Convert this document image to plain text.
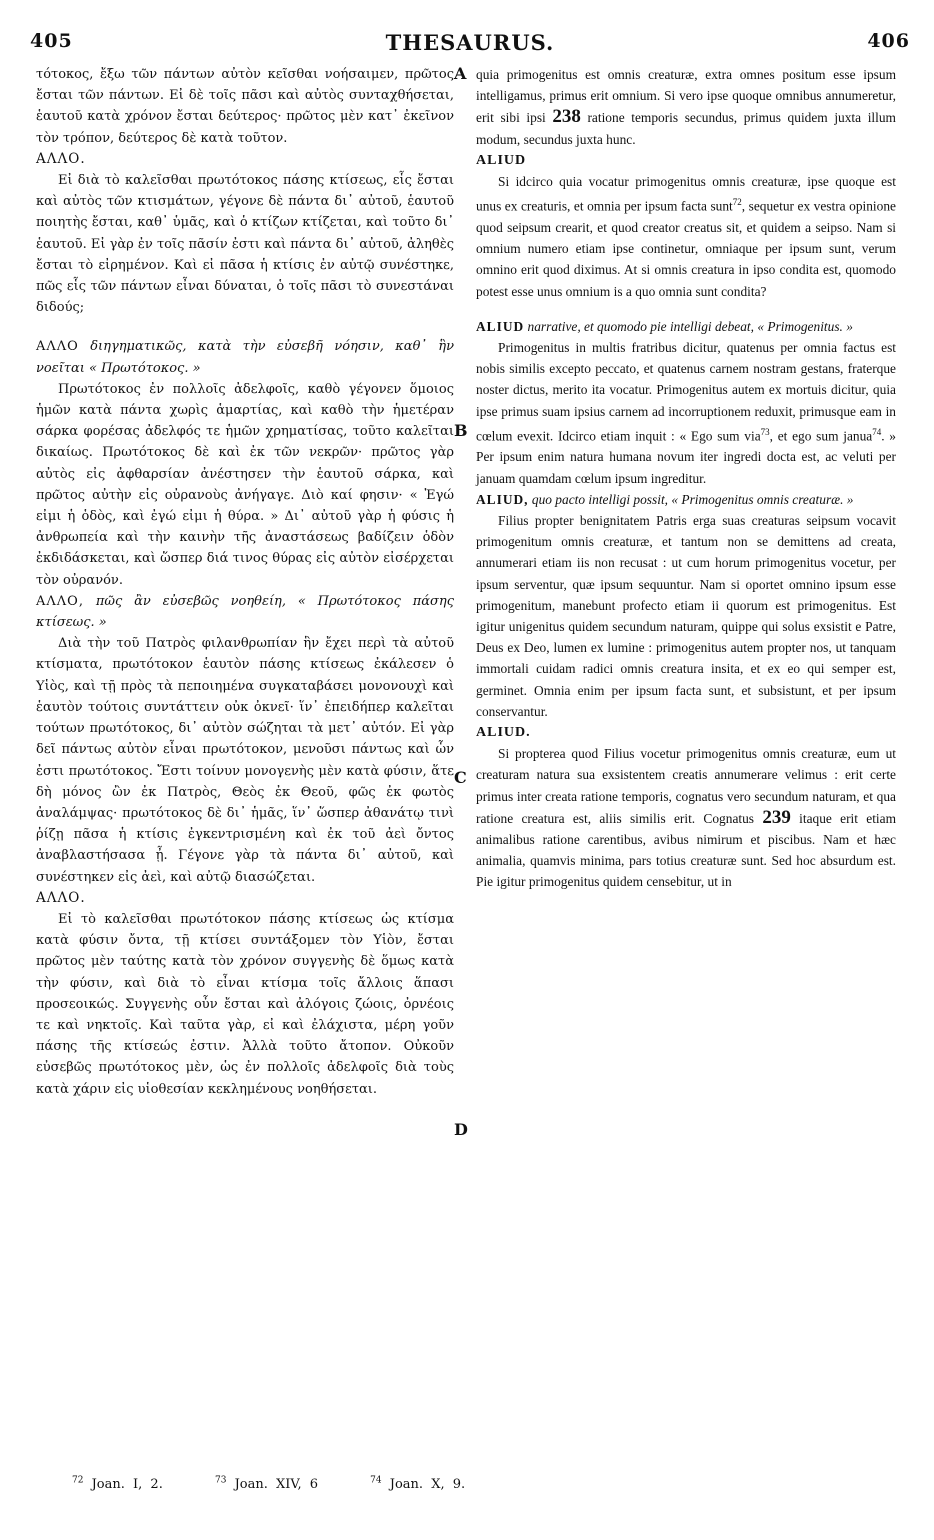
405	THESAURUS.	406
A
B
C
D

τότοκος, ἔξω τῶν πάντων αὐτὸν κεῖσθαι νοήσαιμεν, πρῶτος ἔσται τῶν πάντων. Εἰ δὲ τοῖς πᾶσι καὶ αὐτὸς συνταχθήσεται, ἑαυτοῦ κατὰ χρόνον ἔσται δεύτερος· πρῶτος μὲν κατ᾽ ἐκεῖνον τὸν τρόπον, δεύτερος δὲ κατὰ τοῦτον.

ΑΛΛΟ.

Εἰ διὰ τὸ καλεῖσθαι πρωτότοκος πάσης κτίσεως, εἷς ἔσται καὶ αὐτὸς τῶν κτισμάτων, γέγονε δὲ πάντα δι᾽ αὐτοῦ, ἑαυτοῦ ποιητὴς ἔσται, καθ᾽ ὑμᾶς, καὶ ὁ κτίζων κτίζεται, καὶ τοῦτο δι᾽ ἑαυτοῦ. Εἰ γὰρ ἐν τοῖς πᾶσίν ἐστι καὶ πάντα δι᾽ αὐτοῦ, ἀληθὲς ἔσται τὸ εἰρημένον. Καὶ εἰ πᾶσα ἡ κτίσις ἐν αὐτῷ συνέστηκε, πῶς εἷς τῶν πάντων εἶναι δύναται, ὁ τοῖς πᾶσι τὸ συνεστάναι διδούς;

ΑΛΛΟ διηγηματικῶς, κατὰ τὴν εὐσεβῆ νόησιν, καθ᾽ ἣν νοεῖται « Πρωτότοκος. »

Πρωτότοκος ἐν πολλοῖς ἀδελφοῖς, καθὸ γέγονεν ὅμοιος ἡμῶν κατὰ πάντα χωρὶς ἁμαρτίας, καὶ καθὸ τὴν ἡμετέραν σάρκα φορέσας ἀδελφός τε ἡμῶν χρηματίσας, τοῦτο καλεῖται δικαίως. Πρωτότοκος δὲ καὶ ἐκ τῶν νεκρῶν· πρῶτος γὰρ αὐτὸς εἰς ἀφθαρσίαν ἀνέστησεν τὴν ἑαυτοῦ σάρκα, καὶ πρῶτος αὐτὴν εἰς οὐρανοὺς ἀνήγαγε. Διὸ καί φησιν· « Ἐγώ εἰμι ἡ ὁδὸς, καὶ ἐγώ εἰμι ἡ θύρα. » Δι᾽ αὐτοῦ γὰρ ἡ φύσις ἡ ἀνθρωπεία καὶ τὴν καινὴν τῆς ἀναστάσεως βαδίζειν ὁδὸν ἐκδιδάσκεται, καὶ ὥσπερ διά τινος θύρας εἰς αὐτὸν εἰσέρχεται τὸν οὐρανόν.

ΑΛΛΟ, πῶς ἂν εὐσεβῶς νοηθείη, « Πρωτότοκος πάσης κτίσεως. »

Διὰ τὴν τοῦ Πατρὸς φιλανθρωπίαν ἣν ἔχει περὶ τὰ αὐτοῦ κτίσματα, πρωτότοκον ἑαυτὸν πάσης κτίσεως ἐκάλεσεν ὁ Υἱὸς, καὶ τῇ πρὸς τὰ πεποιημένα συγκαταβάσει μονονουχὶ καὶ ἑαυτὸν τούτοις συντάττειν οὐκ ὀκνεῖ· ἵν᾽ ἐπειδήπερ καλεῖται τούτων πρωτότοκος, δι᾽ αὐτὸν σώζηται τὰ μετ᾽ αὐτόν. Εἰ γὰρ δεῖ πάντως αὐτὸν εἶναι πρωτότοκον, μενοῦσι πάντως καὶ ὧν ἐστι πρωτότοκος. Ἔστι τοίνυν μονογενὴς μὲν κατὰ φύσιν, ἅτε δὴ μόνος ὢν ἐκ Πατρὸς, Θεὸς ἐκ Θεοῦ, φῶς ἐκ φωτὸς ἀναλάμψας· πρωτότοκος δὲ δι᾽ ἡμᾶς, ἵν᾽ ὥσπερ ἀθανάτῳ τινὶ ῥίζῃ πᾶσα ἡ κτίσις ἐγκεντρισμένη καὶ ἐκ τοῦ ἀεὶ ὄντος ἀναβλαστήσασα ᾖ. Γέγονε γὰρ τὰ πάντα δι᾽ αὐτοῦ, καὶ συνέστηκεν εἰς ἀεὶ, καὶ αὐτῷ διασώζεται.

ΑΛΛΟ.

Εἰ τὸ καλεῖσθαι πρωτότοκον πάσης κτίσεως ὡς κτίσμα κατὰ φύσιν ὄντα, τῇ κτίσει συντάξομεν τὸν Υἱὸν, ἔσται πρῶτος μὲν ταύτης κατὰ τὸν χρόνον συγγενὴς δὲ ὅμως κατὰ τὴν φύσιν, καὶ διὰ τὸ εἶναι κτίσμα τοῖς ἄλλοις ἅπασι προσεοικώς. Συγγενὴς οὖν ἔσται καὶ ἀλόγοις ζώοις, ὀρνέοις τε καὶ νηκτοῖς. Καὶ ταῦτα γὰρ, εἰ καὶ ἐλάχιστα, μέρη γοῦν πάσης τῆς κτίσεώς ἐστιν. Ἀλλὰ τοῦτο ἄτοπον. Οὐκοῦν εὐσεβῶς πρωτότοκος μὲν, ὡς ἐν πολλοῖς ἀδελφοῖς διὰ τοὺς κατὰ χάριν εἰς υἱοθεσίαν κεκλημένους νοηθήσεται.

quia primogenitus est omnis creaturæ, extra omnes positum esse ipsum intelligamus, primus erit omnium. Si vero ipse quoque omnibus annumeretur, erit sibi ipsi 238 ratione temporis secundus, primus quidem juxta illum modum, secundus juxta hunc.

ALIUD

Si idcirco quia vocatur primogenitus omnis creaturæ, ipse quoque est unus ex creaturis, et omnia per ipsum facta sunt$^{72}$, sequetur ex vestra opinione quod seipsum crearit, et quod creator creatus sit, et quidem a seipso. Nam si omnium numero etiam ipse continetur, omniaque per ipsum sunt, verum omnino erit quod diximus. At si omnis creatura in ipso condita est, quomodo potest esse unus omnium is a quo omnia sunt condita?

ALIUD narrative, et quomodo pie intelligi debeat, « Primogenitus. »

Primogenitus in multis fratribus dicitur, quatenus per omnia factus est nobis similis excepto peccato, et quatenus carnem nostram gestans, fraterque noster dictus, merito ita vocatur. Primogenitus autem ex mortuis dicitur, quia ipse primus suam ipsius carnem ad incorruptionem reduxit, primusque eam in cœlum evexit. Idcirco etiam inquit : « Ego sum via$^{73}$, et ego sum janua$^{74}$. » Per ipsum enim natura humana novum iter ingredi docta est, ac veluti per januam quamdam cœlum ipsum ingreditur.

ALIUD, quo pacto intelligi possit, « Primogenitus omnis creaturæ. »

Filius propter benignitatem Patris erga suas creaturas seipsum vocavit primogenitum omnis creaturæ, et tantum non se demittens ad creata, annumerari etiam iis non recusat : ut cum horum primogenitus vocetur, per ipsum serventur, quæ ipsum sequuntur. Nam si oportet omnino ipsum esse primogenitum, manebunt profecto etiam ii quorum est primogenitus. Est igitur unigenitus quidem secundum naturam, quippe qui solus exsistit e Patre, Deus ex Deo, lumen ex lumine : primogenitus autem propter nos, ut tanquam immortali cuidam radici omnis creatura insita, et ex eo qui semper est, germinet. Omnia enim per ipsum facta sunt, et subsistunt, et per ipsum conservantur.

ALIUD.

Si propterea quod Filius vocetur primogenitus omnis creaturæ, eum ut creaturam natura sua exsistentem creatis annumerare velimus : erit certe primus inter creata ratione temporis, cognatus vero secundum naturam, et qua ratione creatura est, aliis similis erit. Cognatus 239 itaque erit etiam animalibus ratione carentibus, avibus nimirum et piscibus. Nam et hæc animalia, quamvis minima, pars totius creaturæ sunt. Sed hoc absurdum est. Pie igitur primogenitus quidem censebitur, ut in

$^{72}$ Joan. I, 2.	$^{73}$ Joan. XIV, 6	$^{74}$ Joan. X, 9.
